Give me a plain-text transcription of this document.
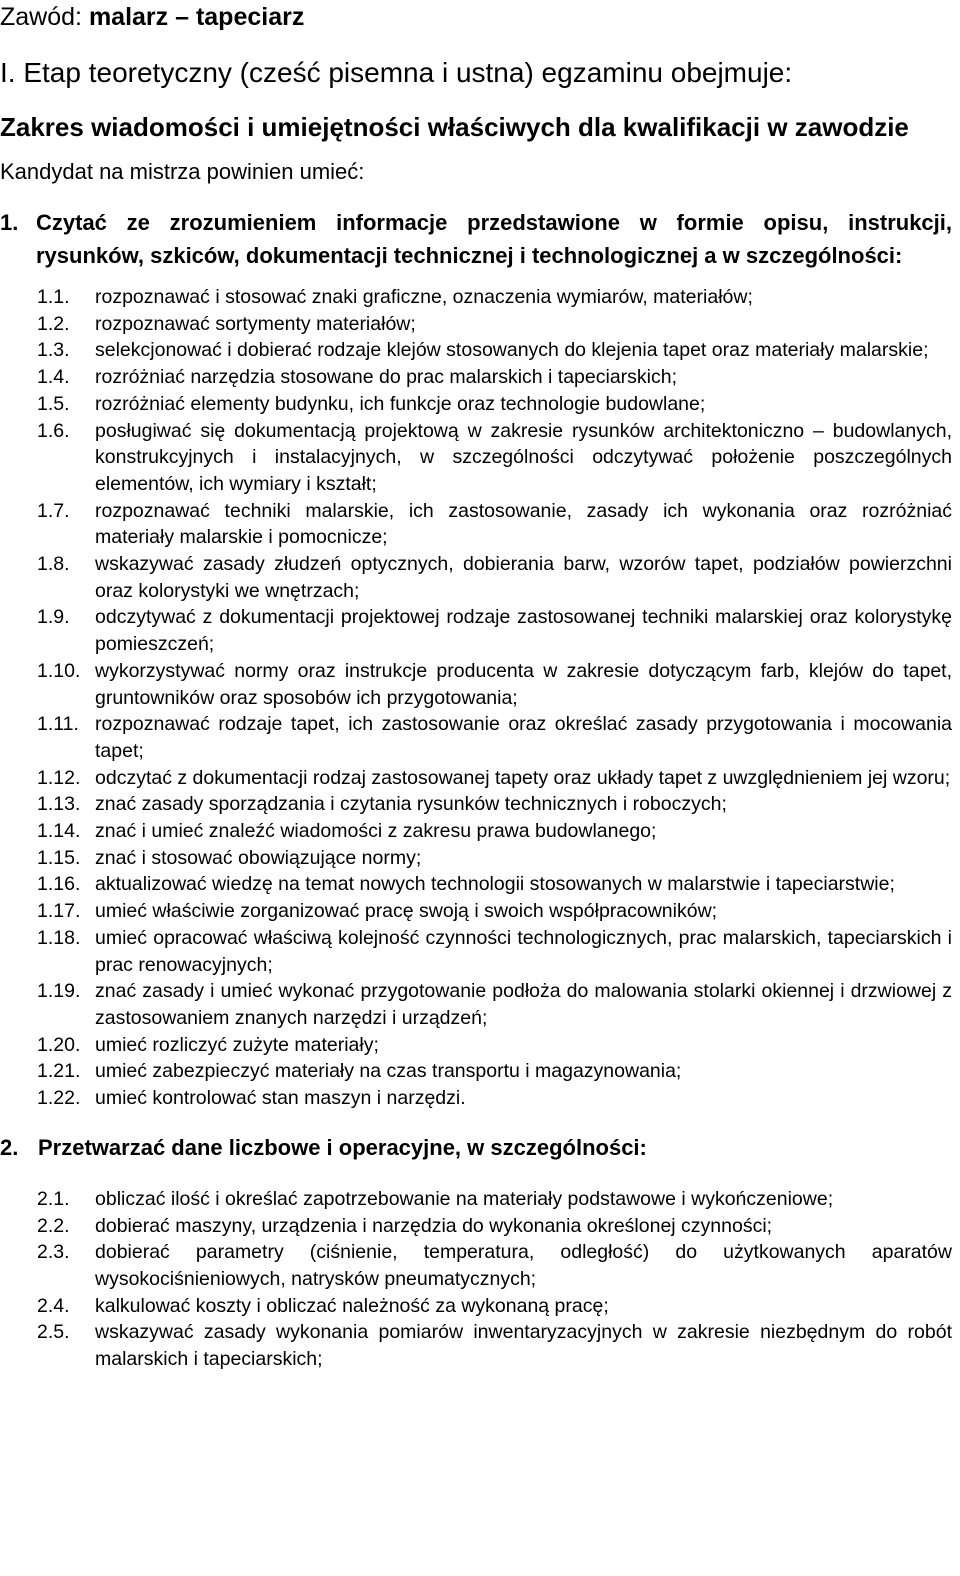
Zawód: malarz – tapeciarz
I. Etap teoretyczny (cześć pisemna i ustna) egzaminu obejmuje:
Zakres wiadomości i umiejętności właściwych dla kwalifikacji w zawodzie

Kandydat na mistrza powinien umieć:

1. Czytać ze zrozumieniem informacje przedstawione w formie opisu, instrukcji, rysunków, szkiców, dokumentacji technicznej i technologicznej a w szczególności:
1.1.	rozpoznawać i stosować znaki graficzne, oznaczenia wymiarów, materiałów;
1.2.	rozpoznawać sortymenty materiałów;
1.3.	selekcjonować i dobierać rodzaje klejów stosowanych do klejenia tapet oraz materiały malarskie;
1.4.	rozróżniać narzędzia stosowane do prac malarskich i tapeciarskich;
1.5.	rozróżniać elementy budynku, ich funkcje oraz technologie budowlane;
1.6.	posługiwać się dokumentacją projektową w zakresie rysunków architektoniczno – budowlanych, konstrukcyjnych i instalacyjnych, w szczególności odczytywać położenie poszczególnych elementów, ich wymiary i kształt;
1.7.	rozpoznawać techniki malarskie, ich zastosowanie, zasady ich wykonania oraz rozróżniać materiały malarskie i pomocnicze;
1.8.	wskazywać zasady złudzeń optycznych, dobierania barw, wzorów tapet, podziałów powierzchni oraz kolorystyki we wnętrzach;
1.9.	odczytywać z dokumentacji projektowej rodzaje zastosowanej techniki malarskiej oraz kolorystykę pomieszczeń;
1.10. wykorzystywać normy oraz instrukcje producenta w zakresie dotyczącym farb, klejów do tapet, gruntowników oraz sposobów ich przygotowania;
1.11. rozpoznawać rodzaje tapet, ich zastosowanie oraz określać zasady przygotowania i mocowania tapet;
1.12. odczytać z dokumentacji rodzaj zastosowanej tapety oraz układy tapet z uwzględnieniem jej wzoru;
1.13. znać zasady sporządzania i czytania rysunków technicznych i roboczych;
1.14. znać i umieć znaleźć wiadomości z zakresu prawa budowlanego;
1.15. znać i stosować obowiązujące normy;
1.16. aktualizować wiedzę na temat nowych technologii stosowanych w malarstwie i tapeciarstwie;
1.17. umieć właściwie zorganizować pracę swoją i swoich współpracowników;
1.18. umieć opracować właściwą kolejność czynności technologicznych, prac malarskich, tapeciarskich i prac renowacyjnych;
1.19. znać zasady i umieć wykonać przygotowanie podłoża do malowania stolarki okiennej i drzwiowej z zastosowaniem znanych narzędzi i urządzeń;
1.20. umieć rozliczyć zużyte materiały;
1.21. umieć zabezpieczyć materiały na czas transportu i magazynowania;
1.22. umieć kontrolować stan maszyn i narzędzi.
2. Przetwarzać dane liczbowe i operacyjne, w szczególności:
2.1.	obliczać ilość i określać zapotrzebowanie na materiały podstawowe i wykończeniowe;
2.2.	dobierać maszyny, urządzenia i narzędzia do wykonania określonej czynności;
2.3.	dobierać parametry (ciśnienie, temperatura, odległość) do użytkowanych aparatów wysokociśnieniowych, natrysków pneumatycznych;
2.4.	kalkulować koszty i obliczać należność za wykonaną pracę;
2.5.	wskazywać zasady wykonania pomiarów inwentaryzacyjnych w zakresie niezbędnym do robót malarskich i tapeciarskich;
